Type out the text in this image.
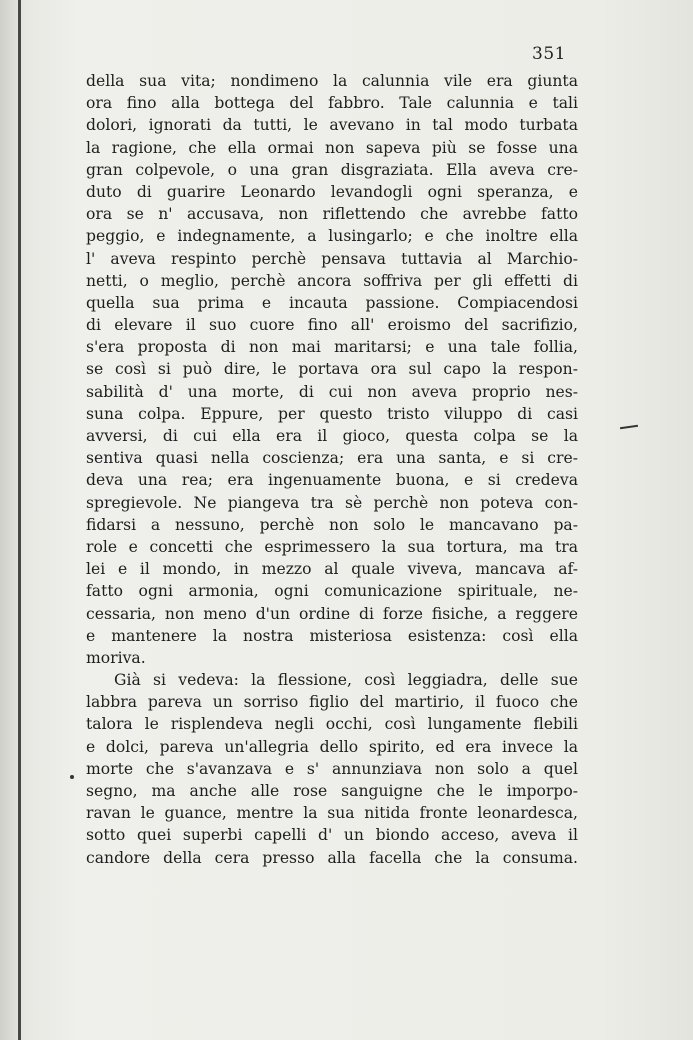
351
della sua vita; nondimeno la calunnia vile era giunta
ora fino alla bottega del fabbro. Tale calunnia e tali
dolori, ignorati da tutti, le avevano in tal modo turbata
la ragione, che ella ormai non sapeva più se fosse una
gran colpevole, o una gran disgraziata. Ella aveva cre-
duto di guarire Leonardo levandogli ogni speranza, e
ora se n' accusava, non riflettendo che avrebbe fatto
peggio, e indegnamente, a lusingarlo; e che inoltre ella
l' aveva respinto perchè pensava tuttavia al Marchio-
netti, o meglio, perchè ancora soffriva per gli effetti di
quella sua prima e incauta passione. Compiacendosi
di elevare il suo cuore fino all' eroismo del sacrifizio,
s'era proposta di non mai maritarsi; e una tale follia,
se così si può dire, le portava ora sul capo la respon-
sabilità d' una morte, di cui non aveva proprio nes-
suna colpa. Eppure, per questo tristo viluppo di casi
avversi, di cui ella era il gioco, questa colpa se la
sentiva quasi nella coscienza; era una santa, e si cre-
deva una rea; era ingenuamente buona, e si credeva
spregievole. Ne piangeva tra sè perchè non poteva con-
fidarsi a nessuno, perchè non solo le mancavano pa-
role e concetti che esprimessero la sua tortura, ma tra
lei e il mondo, in mezzo al quale viveva, mancava af-
fatto ogni armonia, ogni comunicazione spirituale, ne-
cessaria, non meno d'un ordine di forze fisiche, a reggere
e mantenere la nostra misteriosa esistenza: così ella
moriva.
Già si vedeva: la flessione, così leggiadra, delle sue
labbra pareva un sorriso figlio del martirio, il fuoco che
talora le risplendeva negli occhi, così lungamente flebili
e dolci, pareva un'allegria dello spirito, ed era invece la
morte che s'avanzava e s' annunziava non solo a quel
segno, ma anche alle rose sanguigne che le imporpo-
ravan le guance, mentre la sua nitida fronte leonardesca,
sotto quei superbi capelli d' un biondo acceso, aveva il
candore della cera presso alla facella che la consuma.
